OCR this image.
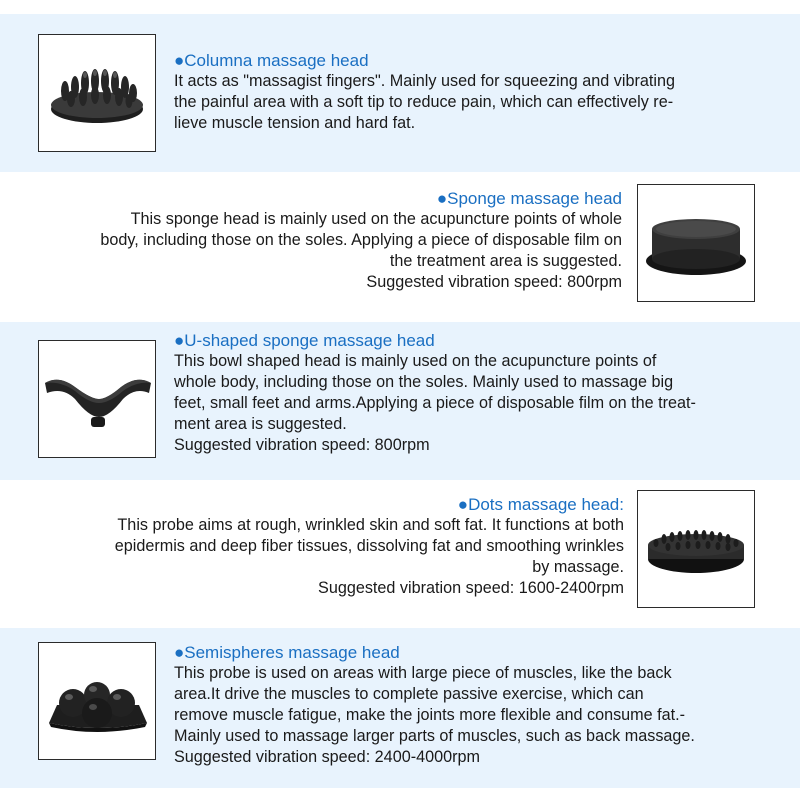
●Columna massage head
It acts as "massagist fingers". Mainly used for squeezing and vibrating
the painful area with a soft tip to reduce pain, which can effectively re-
lieve muscle tension and hard fat.
●Sponge massage head
This sponge head is mainly used on the acupuncture points of whole
body, including those on the soles. Applying a piece of disposable film on
the treatment area is suggested.
Suggested vibration speed: 800rpm
●U-shaped sponge massage head
This bowl shaped head is mainly used on the acupuncture points of
whole body, including those on the soles. Mainly used to massage big
feet, small feet and arms.Applying a piece of disposable film on the treat-
ment area is suggested.
Suggested vibration speed: 800rpm
●Dots massage head:
This probe aims at rough, wrinkled skin and soft fat. It functions at both
epidermis and deep fiber tissues, dissolving fat and smoothing wrinkles
by massage.
Suggested vibration speed: 1600-2400rpm
●Semispheres massage head
This probe is used on areas with large piece of muscles, like the back
area.It drive the muscles to complete passive exercise, which can
remove muscle fatigue, make the joints more flexible and consume fat.-
Mainly used to massage larger parts of muscles, such as back massage.
Suggested vibration speed: 2400-4000rpm
